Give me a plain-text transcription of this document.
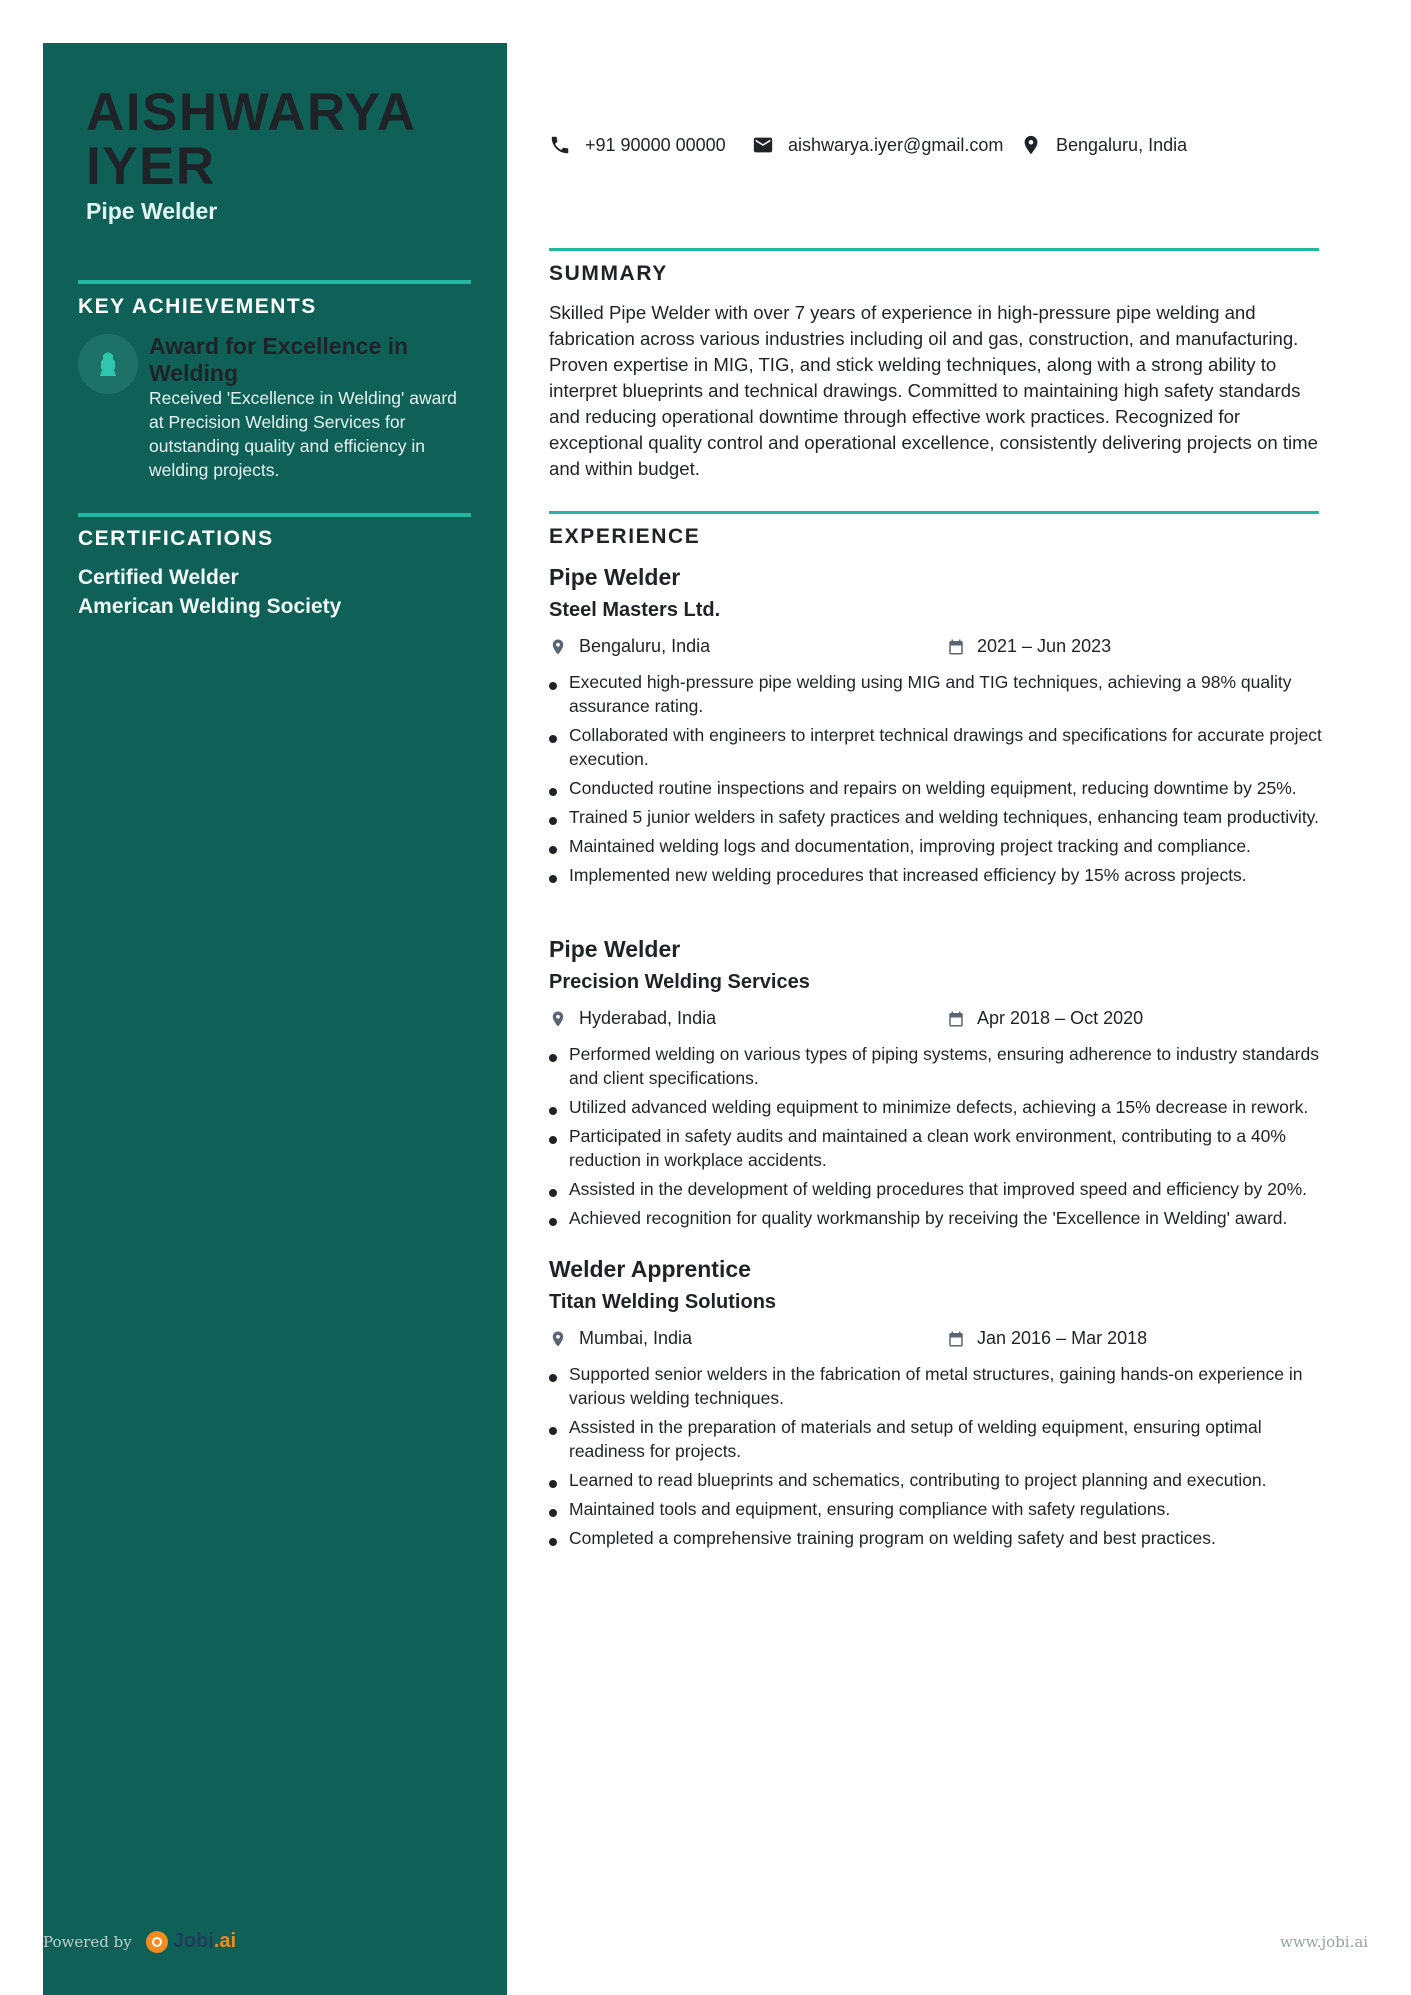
AISHWARYA
IYER
Pipe Welder
KEY ACHIEVEMENTS
Award for Excellence in Welding
Received 'Excellence in Welding' award at Precision Welding Services for outstanding quality and efficiency in welding projects.
CERTIFICATIONS
Certified Welder
American Welding Society
+91 90000 00000	aishwarya.iyer@gmail.com	Bengaluru, India
SUMMARY
Skilled Pipe Welder with over 7 years of experience in high-pressure pipe welding and fabrication across various industries including oil and gas, construction, and manufacturing. Proven expertise in MIG, TIG, and stick welding techniques, along with a strong ability to interpret blueprints and technical drawings. Committed to maintaining high safety standards and reducing operational downtime through effective work practices. Recognized for exceptional quality control and operational excellence, consistently delivering projects on time and within budget.
EXPERIENCE
Pipe Welder
Steel Masters Ltd.
Bengaluru, India	2021 – Jun 2023
Executed high-pressure pipe welding using MIG and TIG techniques, achieving a 98% quality assurance rating.
Collaborated with engineers to interpret technical drawings and specifications for accurate project execution.
Conducted routine inspections and repairs on welding equipment, reducing downtime by 25%.
Trained 5 junior welders in safety practices and welding techniques, enhancing team productivity.
Maintained welding logs and documentation, improving project tracking and compliance.
Implemented new welding procedures that increased efficiency by 15% across projects.
Pipe Welder
Precision Welding Services
Hyderabad, India	Apr 2018 – Oct 2020
Performed welding on various types of piping systems, ensuring adherence to industry standards and client specifications.
Utilized advanced welding equipment to minimize defects, achieving a 15% decrease in rework.
Participated in safety audits and maintained a clean work environment, contributing to a 40% reduction in workplace accidents.
Assisted in the development of welding procedures that improved speed and efficiency by 20%.
Achieved recognition for quality workmanship by receiving the 'Excellence in Welding' award.
Welder Apprentice
Titan Welding Solutions
Mumbai, India	Jan 2016 – Mar 2018
Supported senior welders in the fabrication of metal structures, gaining hands-on experience in various welding techniques.
Assisted in the preparation of materials and setup of welding equipment, ensuring optimal readiness for projects.
Learned to read blueprints and schematics, contributing to project planning and execution.
Maintained tools and equipment, ensuring compliance with safety regulations.
Completed a comprehensive training program on welding safety and best practices.
Powered by Jobi .ai	www.jobi.ai
